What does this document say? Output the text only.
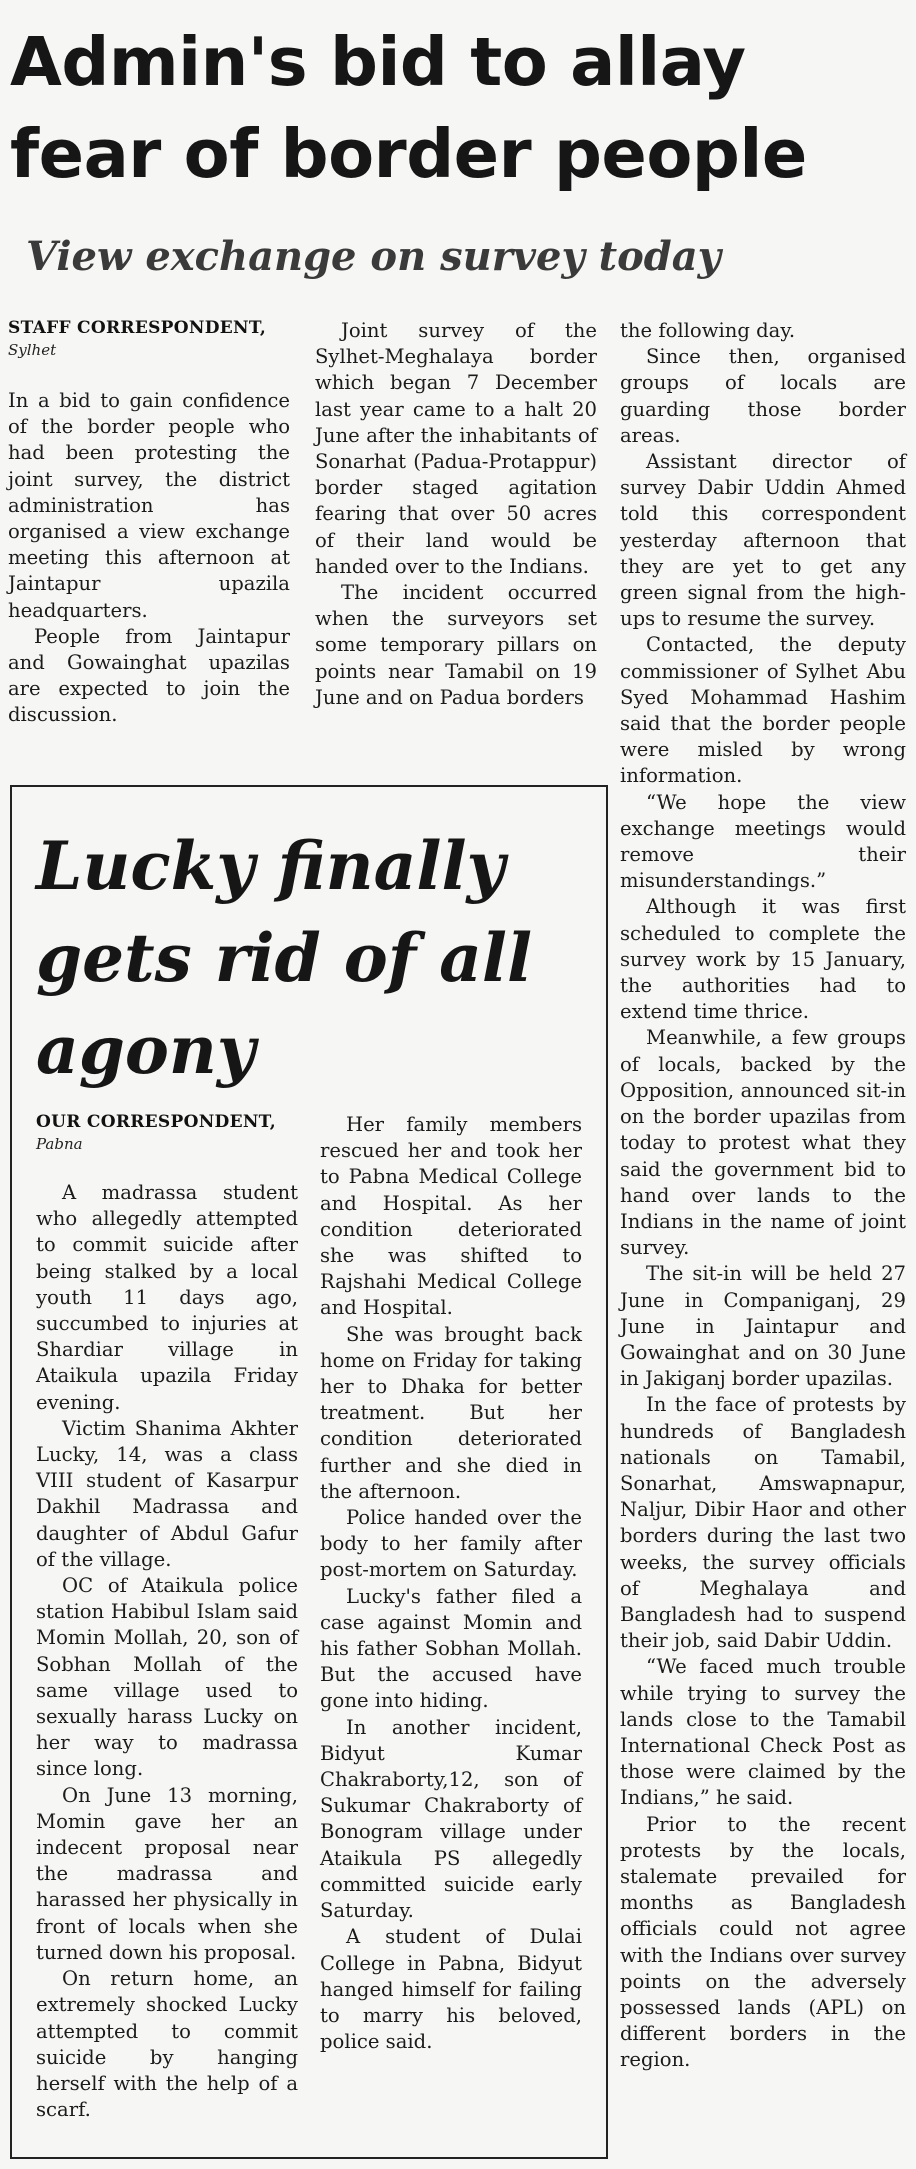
Admin's bid to allay fear of border people
View exchange on survey today
STAFF CORRESPONDENT,
Sylhet

In a bid to gain confidence of the border people who had been protesting the joint survey, the district administration has organised a view exchange meeting this afternoon at Jaintapur upazila headquarters.

People from Jaintapur and Gowainghat upazilas are expected to join the discussion.

Joint survey of the Sylhet-Meghalaya border which began 7 December last year came to a halt 20 June after the inhabitants of Sonarhat (Padua-Protappur) border staged agitation fearing that over 50 acres of their land would be handed over to the Indians.

The incident occurred when the surveyors set some temporary pillars on points near Tamabil on 19 June and on Padua borders

the following day.

Since then, organised groups of locals are guarding those border areas.

Assistant director of survey Dabir Uddin Ahmed told this correspondent yesterday afternoon that they are yet to get any green signal from the high-ups to resume the survey.

Contacted, the deputy commissioner of Sylhet Abu Syed Mohammad Hashim said that the border people were misled by wrong information.

“We hope the view exchange meetings would remove their misunderstandings.”

Although it was first scheduled to complete the survey work by 15 January, the authorities had to extend time thrice.

Meanwhile, a few groups of locals, backed by the Opposition, announced sit-in on the border upazilas from today to protest what they said the government bid to hand over lands to the Indians in the name of joint survey.

The sit-in will be held 27 June in Companiganj, 29 June in Jaintapur and Gowainghat and on 30 June in Jakiganj border upazilas.

In the face of protests by hundreds of Bangladesh nationals on Tamabil, Sonarhat, Amswapnapur, Naljur, Dibir Haor and other borders during the last two weeks, the survey officials of Meghalaya and Bangladesh had to suspend their job, said Dabir Uddin.

“We faced much trouble while trying to survey the lands close to the Tamabil International Check Post as those were claimed by the Indians,” he said.

Prior to the recent protests by the locals, stalemate prevailed for months as Bangladesh officials could not agree with the Indians over survey points on the adversely possessed lands (APL) on different borders in the region.

Lucky finally gets rid of all agony
OUR CORRESPONDENT,
Pabna

A madrassa student who allegedly attempted to commit suicide after being stalked by a local youth 11 days ago, succumbed to injuries at Shardiar village in Ataikula upazila Friday evening.

Victim Shanima Akhter Lucky, 14, was a class VIII student of Kasarpur Dakhil Madrassa and daughter of Abdul Gafur of the village.

OC of Ataikula police station Habibul Islam said Momin Mollah, 20, son of Sobhan Mollah of the same village used to sexually harass Lucky on her way to madrassa since long.

On June 13 morning, Momin gave her an indecent proposal near the madrassa and harassed her physically in front of locals when she turned down his proposal.

On return home, an extremely shocked Lucky attempted to commit suicide by hanging herself with the help of a scarf.

Her family members rescued her and took her to Pabna Medical College and Hospital. As her condition deteriorated she was shifted to Rajshahi Medical College and Hospital.

She was brought back home on Friday for taking her to Dhaka for better treatment. But her condition deteriorated further and she died in the afternoon.

Police handed over the body to her family after post-mortem on Saturday.

Lucky's father filed a case against Momin and his father Sobhan Mollah. But the accused have gone into hiding.

In another incident, Bidyut Kumar Chakraborty,12, son of Sukumar Chakraborty of Bonogram village under Ataikula PS allegedly committed suicide early Saturday.

A student of Dulai College in Pabna, Bidyut hanged himself for failing to marry his beloved, police said.
